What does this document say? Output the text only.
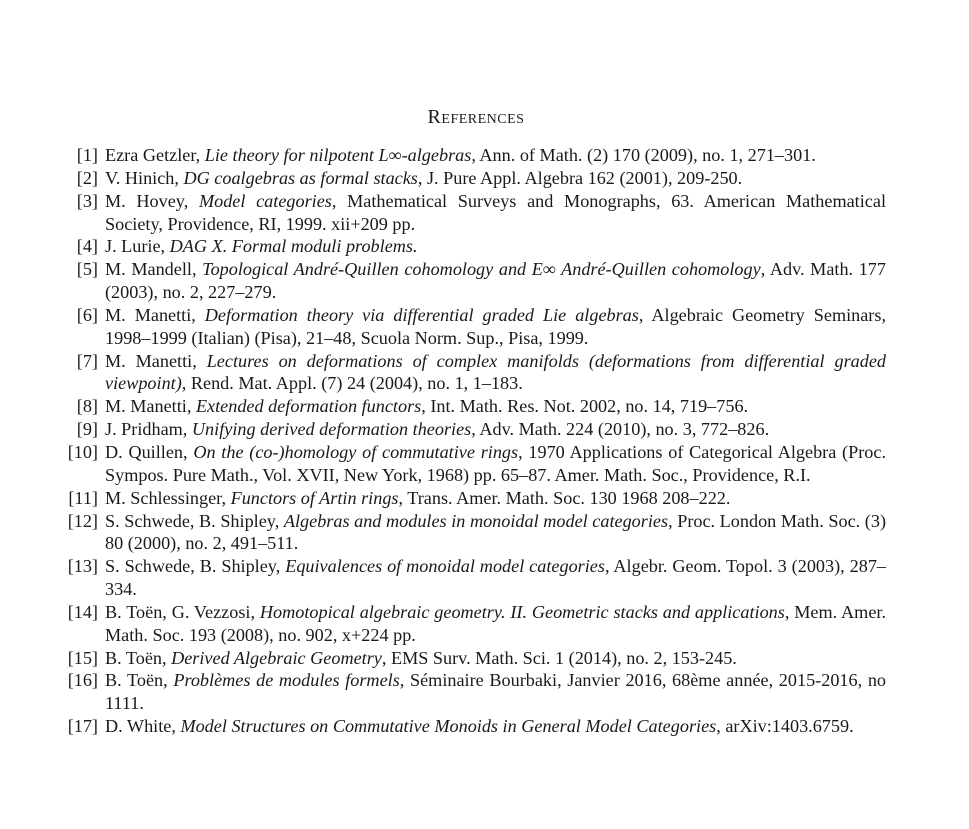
References
[1] Ezra Getzler, Lie theory for nilpotent L∞-algebras, Ann. of Math. (2) 170 (2009), no. 1, 271–301.
[2] V. Hinich, DG coalgebras as formal stacks, J. Pure Appl. Algebra 162 (2001), 209-250.
[3] M. Hovey, Model categories, Mathematical Surveys and Monographs, 63. American Mathematical Society, Providence, RI, 1999. xii+209 pp.
[4] J. Lurie, DAG X. Formal moduli problems.
[5] M. Mandell, Topological André-Quillen cohomology and E∞ André-Quillen cohomology, Adv. Math. 177 (2003), no. 2, 227–279.
[6] M. Manetti, Deformation theory via differential graded Lie algebras, Algebraic Geometry Seminars, 1998–1999 (Italian) (Pisa), 21–48, Scuola Norm. Sup., Pisa, 1999.
[7] M. Manetti, Lectures on deformations of complex manifolds (deformations from differential graded viewpoint), Rend. Mat. Appl. (7) 24 (2004), no. 1, 1–183.
[8] M. Manetti, Extended deformation functors, Int. Math. Res. Not. 2002, no. 14, 719–756.
[9] J. Pridham, Unifying derived deformation theories, Adv. Math. 224 (2010), no. 3, 772–826.
[10] D. Quillen, On the (co-)homology of commutative rings, 1970 Applications of Categorical Algebra (Proc. Sympos. Pure Math., Vol. XVII, New York, 1968) pp. 65–87. Amer. Math. Soc., Providence, R.I.
[11] M. Schlessinger, Functors of Artin rings, Trans. Amer. Math. Soc. 130 1968 208–222.
[12] S. Schwede, B. Shipley, Algebras and modules in monoidal model categories, Proc. London Math. Soc. (3) 80 (2000), no. 2, 491–511.
[13] S. Schwede, B. Shipley, Equivalences of monoidal model categories, Algebr. Geom. Topol. 3 (2003), 287–334.
[14] B. Toën, G. Vezzosi, Homotopical algebraic geometry. II. Geometric stacks and applications, Mem. Amer. Math. Soc. 193 (2008), no. 902, x+224 pp.
[15] B. Toën, Derived Algebraic Geometry, EMS Surv. Math. Sci. 1 (2014), no. 2, 153-245.
[16] B. Toën, Problèmes de modules formels, Séminaire Bourbaki, Janvier 2016, 68ème année, 2015-2016, no 1111.
[17] D. White, Model Structures on Commutative Monoids in General Model Categories, arXiv:1403.6759.
